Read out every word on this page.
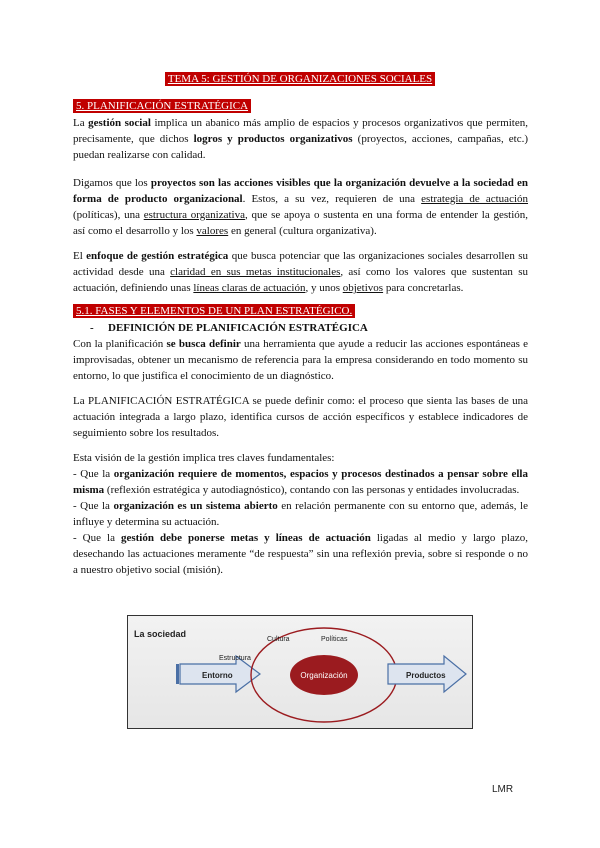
TEMA 5: GESTIÓN DE ORGANIZACIONES SOCIALES
5. PLANIFICACIÓN ESTRATÉGICA

La gestión social implica un abanico más amplio de espacios y procesos organizativos que permiten, precisamente, que dichos logros y productos organizativos (proyectos, acciones, campañas, etc.) puedan realizarse con calidad.

Digamos que los proyectos son las acciones visibles que la organización devuelve a la sociedad en forma de producto organizacional. Estos, a su vez, requieren de una estrategia de actuación (políticas), una estructura organizativa, que se apoya o sustenta en una forma de entender la gestión, así como el desarrollo y los valores en general (cultura organizativa).

El enfoque de gestión estratégica que busca potenciar que las organizaciones sociales desarrollen su actividad desde una claridad en sus metas institucionales, así como los valores que sustentan su actuación, definiendo unas líneas claras de actuación, y unos objetivos para concretarlas.

5.1. FASES Y ELEMENTOS DE UN PLAN ESTRATÉGICO.
- DEFINICIÓN DE PLANIFICACIÓN ESTRATÉGICA

Con la planificación se busca definir una herramienta que ayude a reducir las acciones espontáneas e improvisadas, obtener un mecanismo de referencia para la empresa considerando en todo momento su entorno, lo que justifica el conocimiento de un diagnóstico.

La PLANIFICACIÓN ESTRATÉGICA se puede definir como: el proceso que sienta las bases de una actuación integrada a largo plazo, identifica cursos de acción específicos y establece indicadores de seguimiento sobre los resultados.

Esta visión de la gestión implica tres claves fundamentales:

- Que la organización requiere de momentos, espacios y procesos destinados a pensar sobre ella misma (reflexión estratégica y autodiagnóstico), contando con las personas y entidades involucradas.

- Que la organización es un sistema abierto en relación permanente con su entorno que, además, le influye y determina su actuación.

- Que la gestión debe ponerse metas y líneas de actuación ligadas al medio y largo plazo, desechando las actuaciones meramente “de respuesta” sin una reflexión previa, sobre si responde o no a nuestro objetivo social (misión).

La sociedad
Entorno	Organización
Cultura	Políticas
Estructura
Productos
LMR
